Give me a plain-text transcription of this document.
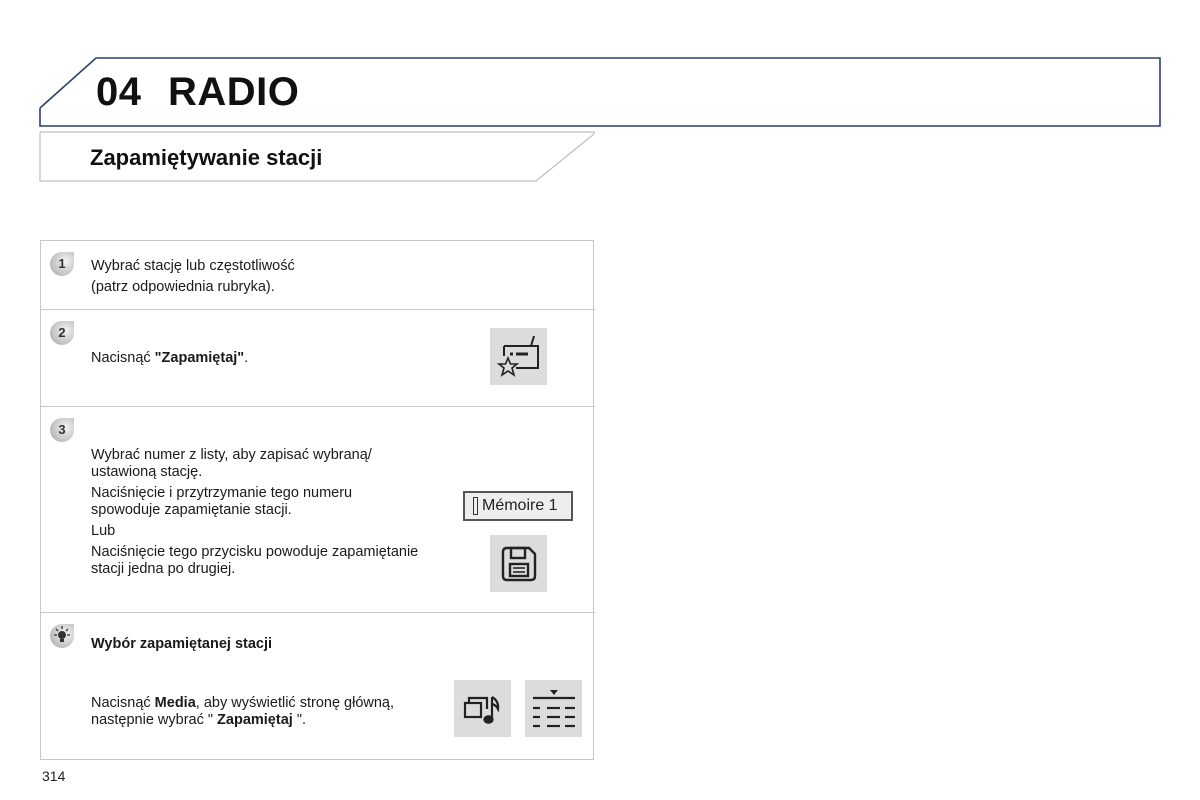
04 RADIO
Zapamiętywanie stacji
1	Wybrać stację lub częstotliwość
(patrz odpowiednia rubryka).
2
Nacisnąć "Zapamiętaj".
3

Wybrać numer z listy, aby zapisać wybraną/ ustawioną stację.

Naciśnięcie i przytrzymanie tego numeru spowoduje zapamiętanie stacji.

Lub

Naciśnięcie tego przycisku powoduje zapamiętanie stacji jedna po drugiej.

Mémoire 1
Wybór zapamiętanej stacji
Nacisnąć Media, aby wyświetlić stronę główną,
następnie wybrać " Zapamiętaj ".
314
